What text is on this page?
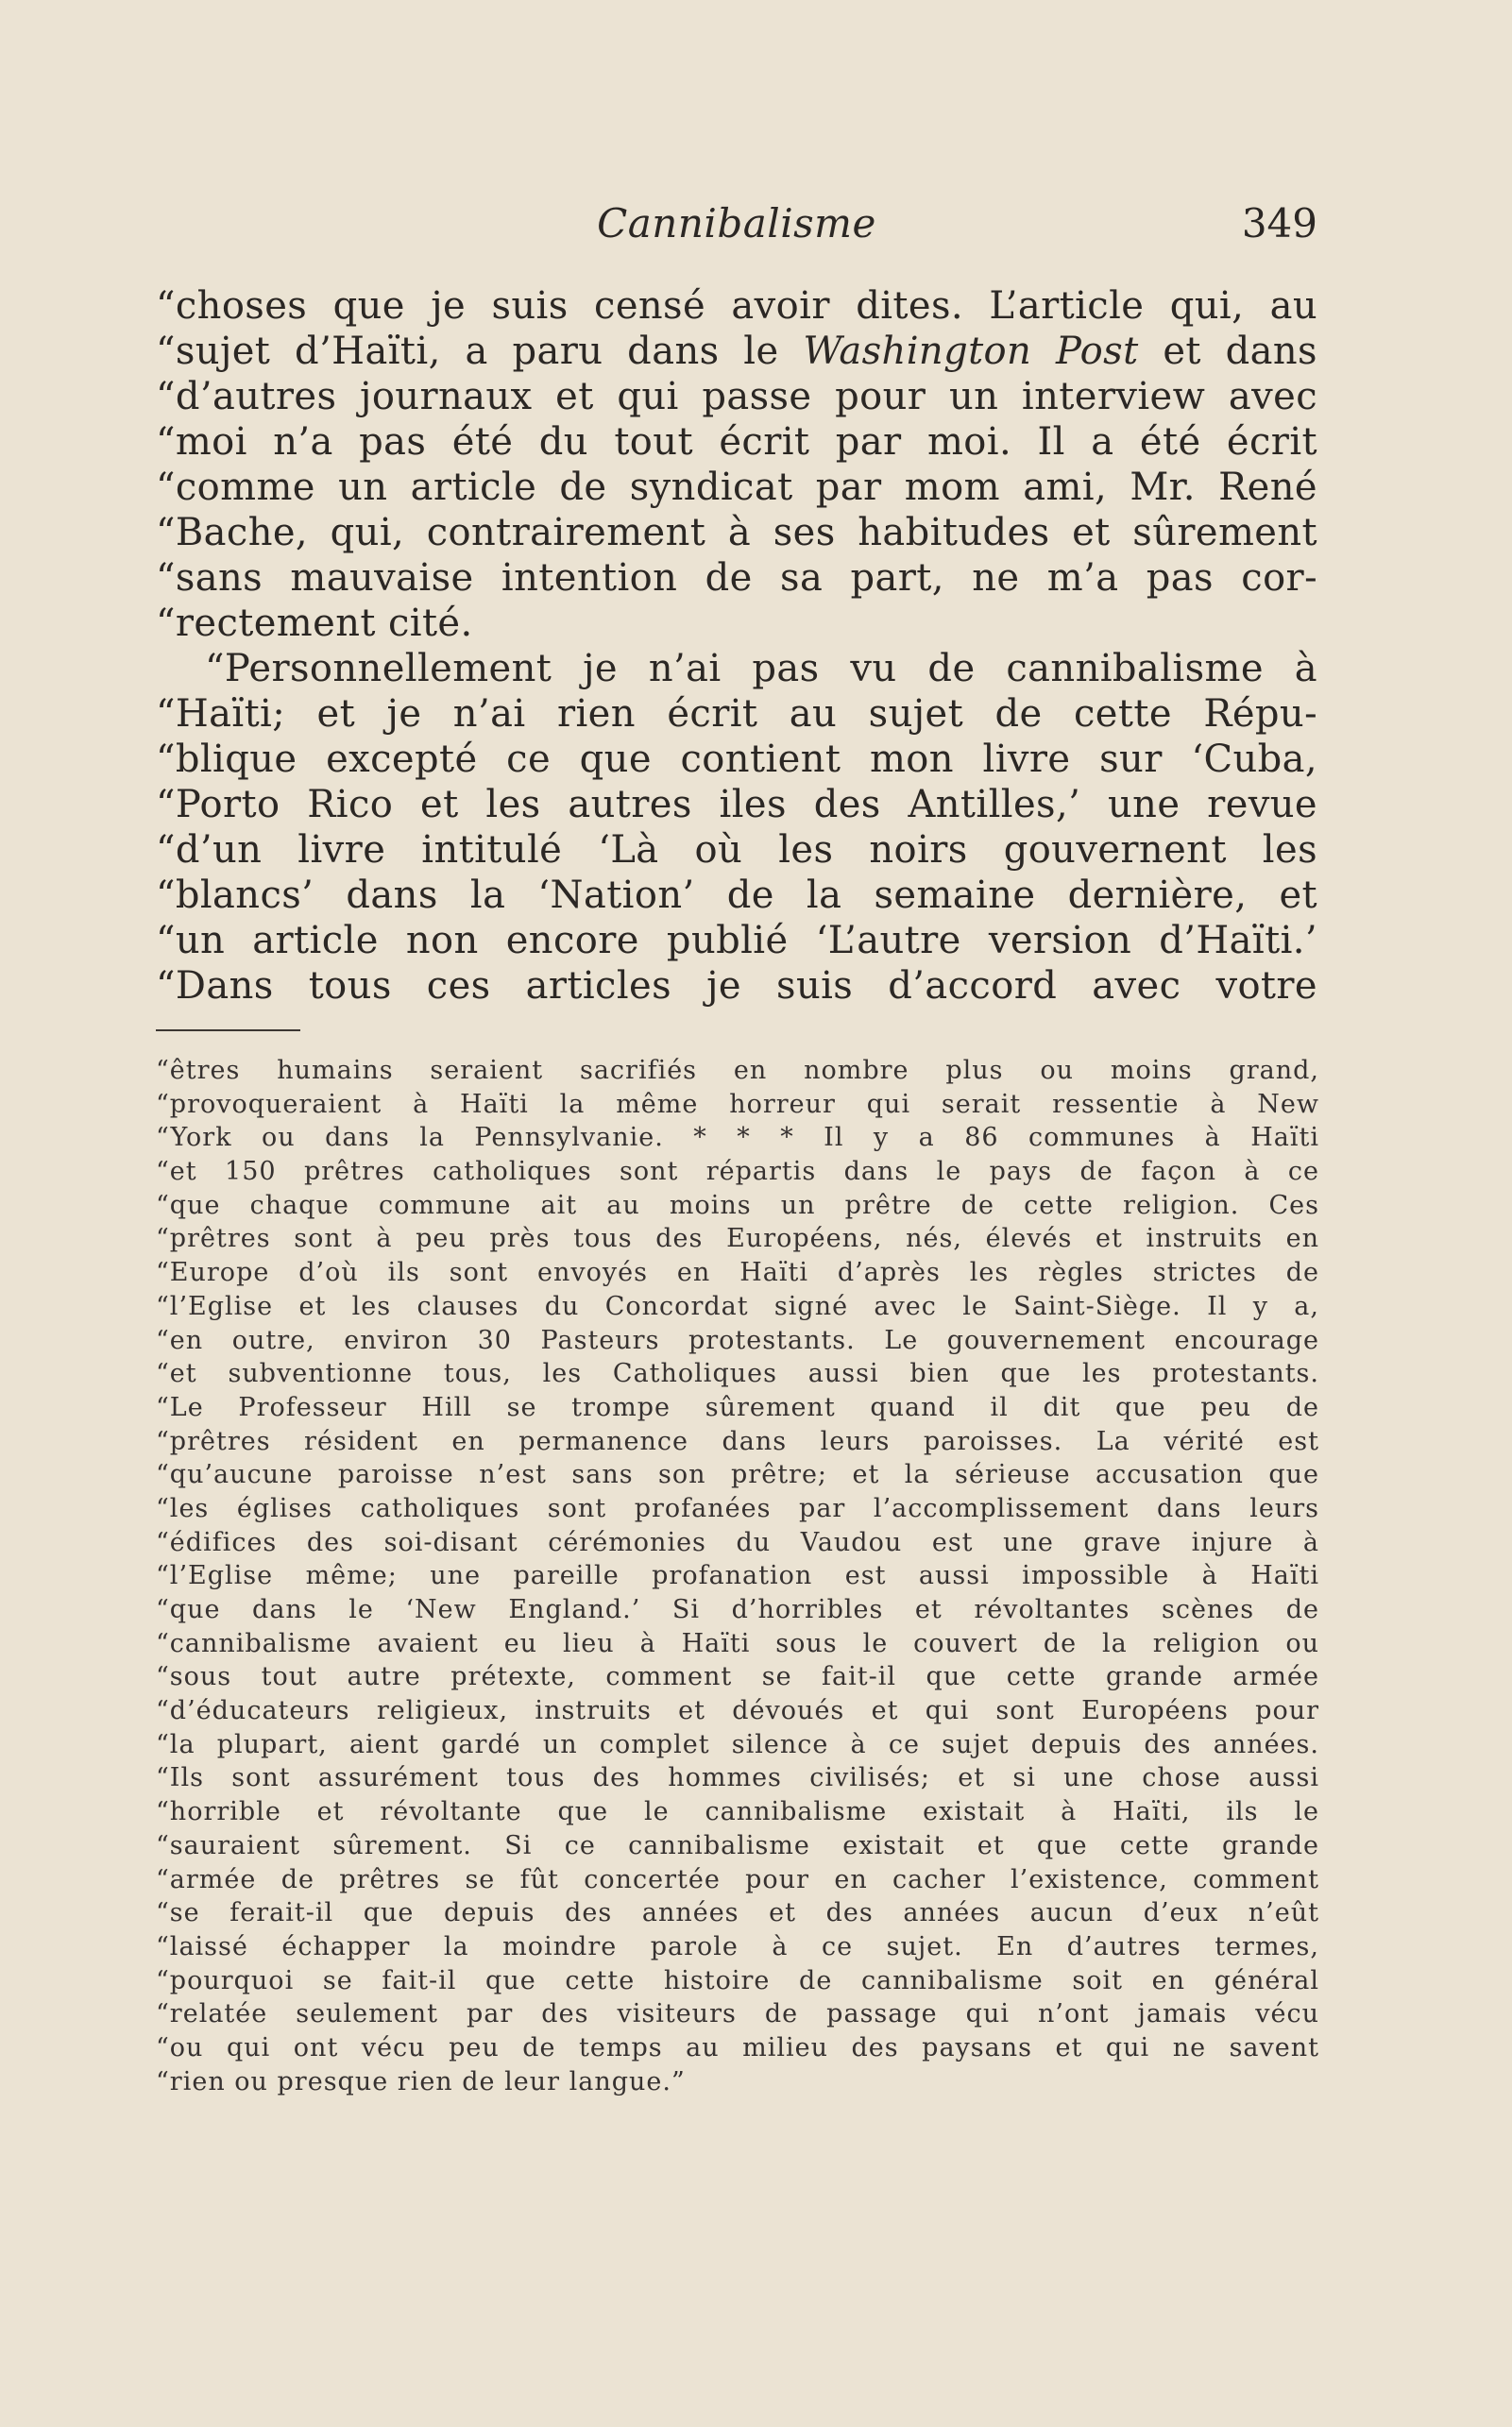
Cannibalisme	349
“choses que je suis censé avoir dites. L’article qui, au
“sujet d’Haïti, a paru dans le Washington Post et dans
“d’autres journaux et qui passe pour un interview avec
“moi n’a pas été du tout écrit par moi. Il a été écrit
“comme un article de syndicat par mom ami, Mr. René
“Bache, qui, contrairement à ses habitudes et sûrement
“sans mauvaise intention de sa part, ne m’a pas cor-
“rectement cité.
“Personnellement je n’ai pas vu de cannibalisme à
“Haïti; et je n’ai rien écrit au sujet de cette Répu-
“blique excepté ce que contient mon livre sur ‘Cuba,
“Porto Rico et les autres iles des Antilles,’ une revue
“d’un livre intitulé ‘Là où les noirs gouvernent les
“blancs’ dans la ‘Nation’ de la semaine dernière, et
“un article non encore publié ‘L’autre version d’Haïti.’
“Dans tous ces articles je suis d’accord avec votre
“êtres humains seraient sacrifiés en nombre plus ou moins grand,
“provoqueraient à Haïti la même horreur qui serait ressentie à New
“York ou dans la Pennsylvanie. * * * Il y a 86 communes à Haïti
“et 150 prêtres catholiques sont répartis dans le pays de façon à ce
“que chaque commune ait au moins un prêtre de cette religion. Ces
“prêtres sont à peu près tous des Européens, nés, élevés et instruits en
“Europe d’où ils sont envoyés en Haïti d’après les règles strictes de
“l’Eglise et les clauses du Concordat signé avec le Saint-Siège. Il y a,
“en outre, environ 30 Pasteurs protestants. Le gouvernement encourage
“et subventionne tous, les Catholiques aussi bien que les protestants.
“Le Professeur Hill se trompe sûrement quand il dit que peu de
“prêtres résident en permanence dans leurs paroisses. La vérité est
“qu’aucune paroisse n’est sans son prêtre; et la sérieuse accusation que
“les églises catholiques sont profanées par l’accomplissement dans leurs
“édifices des soi-disant cérémonies du Vaudou est une grave injure à
“l’Eglise même; une pareille profanation est aussi impossible à Haïti
“que dans le ‘New England.’ Si d’horribles et révoltantes scènes de
“cannibalisme avaient eu lieu à Haïti sous le couvert de la religion ou
“sous tout autre prétexte, comment se fait-il que cette grande armée
“d’éducateurs religieux, instruits et dévoués et qui sont Européens pour
“la plupart, aient gardé un complet silence à ce sujet depuis des années.
“Ils sont assurément tous des hommes civilisés; et si une chose aussi
“horrible et révoltante que le cannibalisme existait à Haïti, ils le
“sauraient sûrement. Si ce cannibalisme existait et que cette grande
“armée de prêtres se fût concertée pour en cacher l’existence, comment
“se ferait-il que depuis des années et des années aucun d’eux n’eût
“laissé échapper la moindre parole à ce sujet. En d’autres termes,
“pourquoi se fait-il que cette histoire de cannibalisme soit en général
“relatée seulement par des visiteurs de passage qui n’ont jamais vécu
“ou qui ont vécu peu de temps au milieu des paysans et qui ne savent
“rien ou presque rien de leur langue.”
